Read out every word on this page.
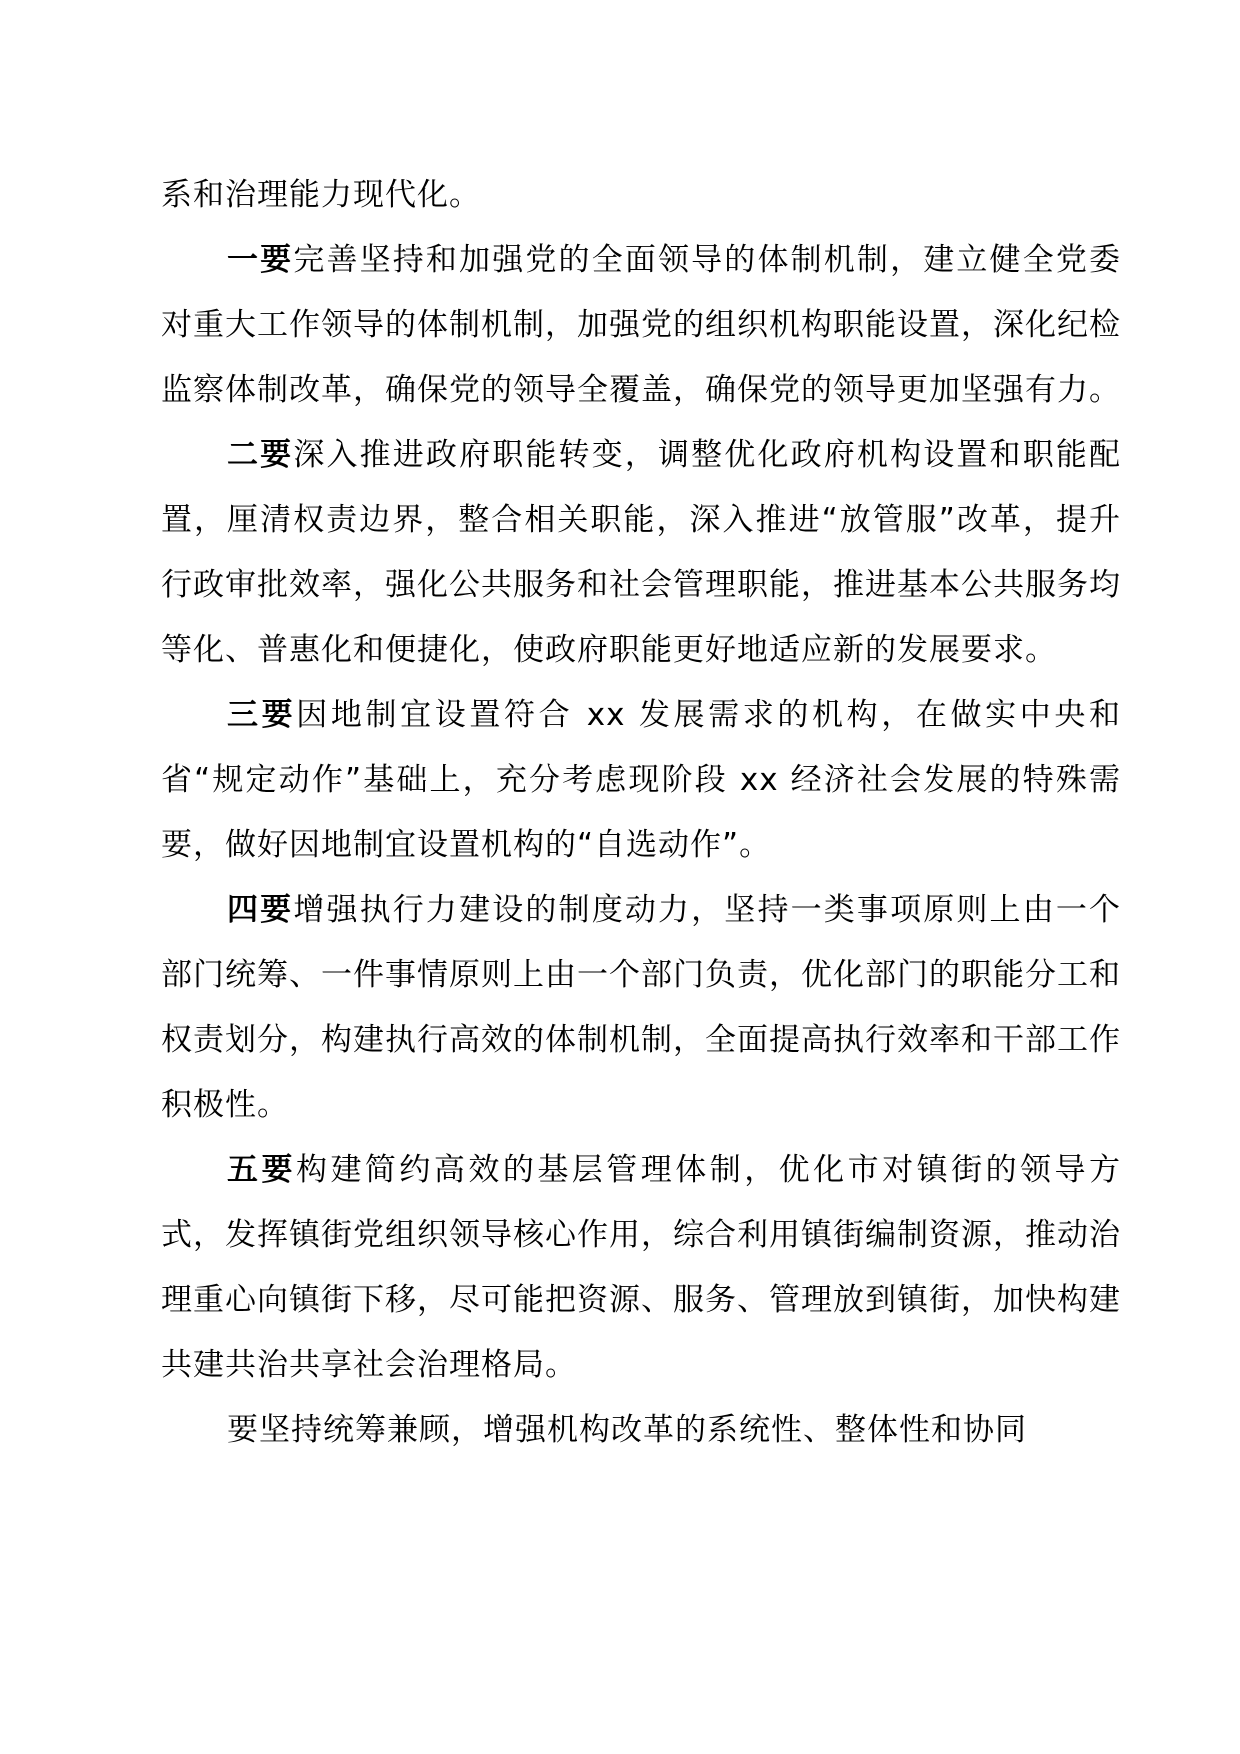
系和治理能力现代化。

一要完善坚持和加强党的全面领导的体制机制，建立健全党委对重大工作领导的体制机制，加强党的组织机构职能设置，深化纪检监察体制改革，确保党的领导全覆盖，确保党的领导更加坚强有力。

二要深入推进政府职能转变，调整优化政府机构设置和职能配置，厘清权责边界，整合相关职能，深入推进“放管服”改革，提升行政审批效率，强化公共服务和社会管理职能，推进基本公共服务均等化、普惠化和便捷化，使政府职能更好地适应新的发展要求。

三要因地制宜设置符合 xx 发展需求的机构，在做实中央和省“规定动作”基础上，充分考虑现阶段 xx 经济社会发展的特殊需要，做好因地制宜设置机构的“自选动作”。

四要增强执行力建设的制度动力，坚持一类事项原则上由一个部门统筹、一件事情原则上由一个部门负责，优化部门的职能分工和权责划分，构建执行高效的体制机制，全面提高执行效率和干部工作积极性。

五要构建简约高效的基层管理体制，优化市对镇街的领导方式，发挥镇街党组织领导核心作用，综合利用镇街编制资源，推动治理重心向镇街下移，尽可能把资源、服务、管理放到镇街，加快构建共建共治共享社会治理格局。

要坚持统筹兼顾，增强机构改革的系统性、整体性和协同
